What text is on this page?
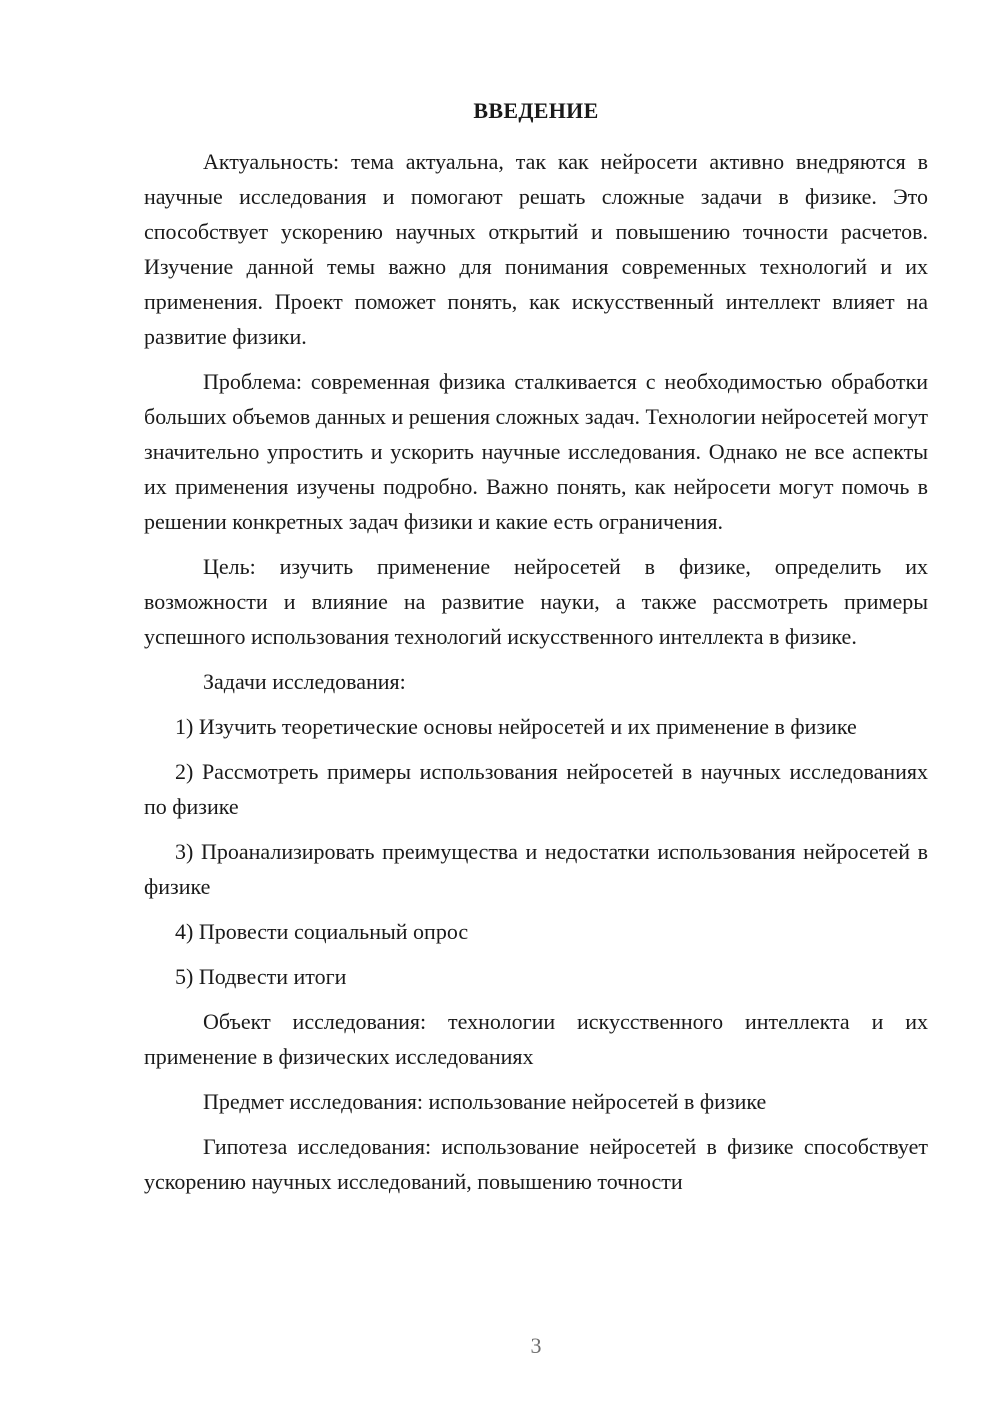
ВВЕДЕНИЕ

Актуальность: тема актуальна, так как нейросети активно внедряются в научные исследования и помогают решать сложные задачи в физике. Это способствует ускорению научных открытий и повышению точности расчетов. Изучение данной темы важно для понимания современных технологий и их применения. Проект поможет понять, как искусственный интеллект влияет на развитие физики.

Проблема: современная физика сталкивается с необходимостью обработки больших объемов данных и решения сложных задач. Технологии нейросетей могут значительно упростить и ускорить научные исследования. Однако не все аспекты их применения изучены подробно. Важно понять, как нейросети могут помочь в решении конкретных задач физики и какие есть ограничения.

Цель: изучить применение нейросетей в физике, определить их возможности и влияние на развитие науки, а также рассмотреть примеры успешного использования технологий искусственного интеллекта в физике.

Задачи исследования:

1) Изучить теоретические основы нейросетей и их применение в физике

2) Рассмотреть примеры использования нейросетей в научных исследованиях по физике

3) Проанализировать преимущества и недостатки использования нейросетей в физике

4) Провести социальный опрос

5) Подвести итоги

Объект исследования: технологии искусственного интеллекта и их применение в физических исследованиях

Предмет исследования: использование нейросетей в физике

Гипотеза исследования: использование нейросетей в физике способствует ускорению научных исследований, повышению точности

3
